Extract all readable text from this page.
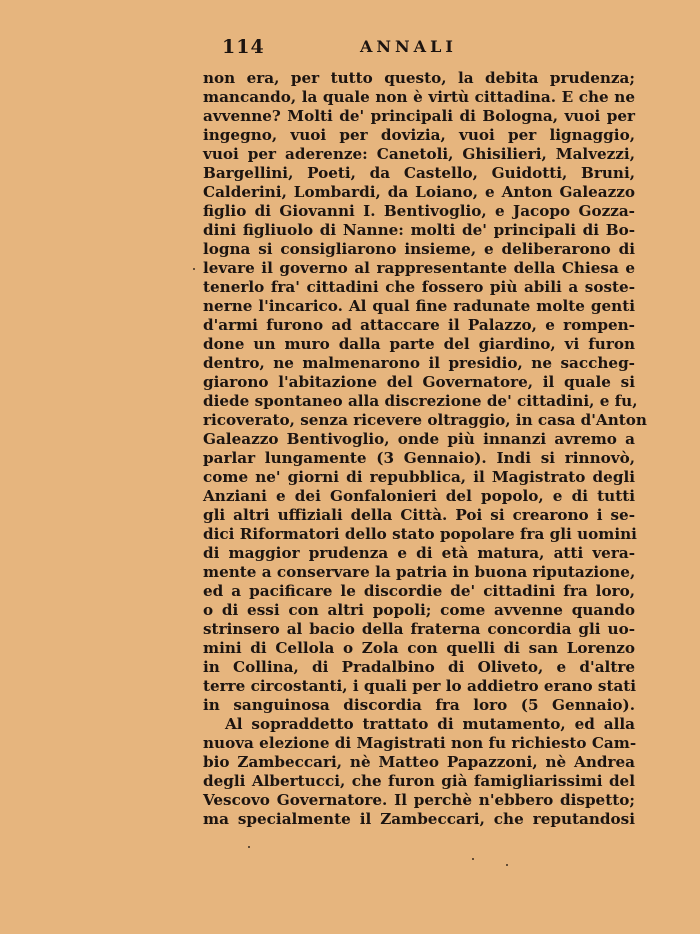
114	ANNALI
non era, per tutto questo, la debita prudenza;
mancando, la quale non è virtù cittadina. E che ne
avvenne? Molti de' principali di Bologna, vuoi per
ingegno, vuoi per dovizia, vuoi per lignaggio,
vuoi per aderenze: Canetoli, Ghisilieri, Malvezzi,
Bargellini, Poeti, da Castello, Guidotti, Bruni,
Calderini, Lombardi, da Loiano, e Anton Galeazzo
figlio di Giovanni I. Bentivoglio, e Jacopo Gozza-
dini figliuolo di Nanne: molti de' principali di Bo-
logna si consigliarono insieme, e deliberarono di
levare il governo al rappresentante della Chiesa e
tenerlo fra' cittadini che fossero più abili a soste-
nerne l'incarico. Al qual fine radunate molte genti
d'armi furono ad attaccare il Palazzo, e rompen-
done un muro dalla parte del giardino, vi furon
dentro, ne malmenarono il presidio, ne saccheg-
giarono l'abitazione del Governatore, il quale si
diede spontaneo alla discrezione de' cittadini, e fu,
ricoverato, senza ricevere oltraggio, in casa d'Anton
Galeazzo Bentivoglio, onde più innanzi avremo a
parlar lungamente (3 Gennaio). Indi si rinnovò,
come ne' giorni di repubblica, il Magistrato degli
Anziani e dei Gonfalonieri del popolo, e di tutti
gli altri uffiziali della Città. Poi si crearono i se-
dici Riformatori dello stato popolare fra gli uomini
di maggior prudenza e di età matura, atti vera-
mente a conservare la patria in buona riputazione,
ed a pacificare le discordie de' cittadini fra loro,
o di essi con altri popoli; come avvenne quando
strinsero al bacio della fraterna concordia gli uo-
mini di Cellola o Zola con quelli di san Lorenzo
in Collina, di Pradalbino di Oliveto, e d'altre
terre circostanti, i quali per lo addietro erano stati
in sanguinosa discordia fra loro (5 Gennaio).
Al sopraddetto trattato di mutamento, ed alla
nuova elezione di Magistrati non fu richiesto Cam-
bio Zambeccari, nè Matteo Papazzoni, nè Andrea
degli Albertucci, che furon già famigliarissimi del
Vescovo Governatore. Il perchè n'ebbero dispetto;
ma specialmente il Zambeccari, che reputandosi
